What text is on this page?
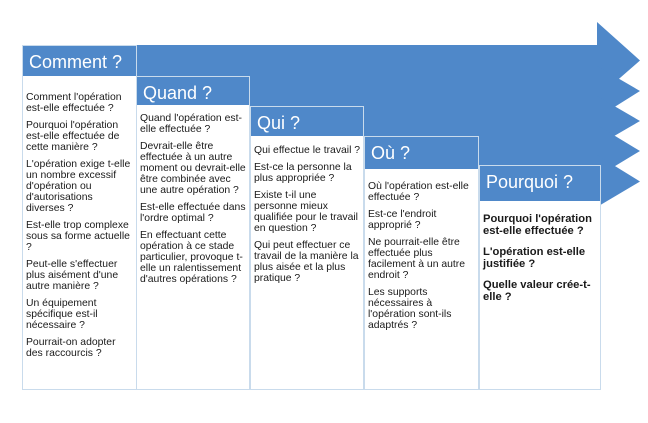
Comment ?
Comment l'opération est-elle effectuée ?
Pourquoi l'opération est-elle effectuée de cette manière ?
L'opération exige t-elle un nombre excessif d'opération ou d'autorisations diverses ?
Est-elle trop complexe sous sa forme actuelle ?
Peut-elle s'effectuer plus aisément d'une autre manière ?
Un équipement spécifique est-il nécessaire ?
Pourrait-on adopter des raccourcis ?
Quand ?
Quand l'opération est-elle effectuée ?
Devrait-elle être effectuée à un autre moment ou devrait-elle être combinée avec une autre opération ?
Est-elle effectuée dans l'ordre optimal ?
En effectuant cette opération à ce stade particulier, provoque t-elle un ralentissement d'autres opérations ?
Qui ?
Qui effectue le travail ?
Est-ce la personne la plus appropriée ?
Existe t-il une personne mieux qualifiée pour le travail en question ?
Qui peut effectuer ce travail de la manière la plus aisée et la plus pratique ?
Où ?
Où l'opération est-elle effectuée ?
Est-ce l'endroit approprié ?
Ne pourrait-elle être effectuée plus facilement à un autre endroit ?
Les supports nécessaires à l'opération sont-ils adaptrés ?
Pourquoi ?
Pourquoi l'opération est-elle effectuée ?
L'opération est-elle justifiée ?
Quelle valeur crée-t-elle ?
